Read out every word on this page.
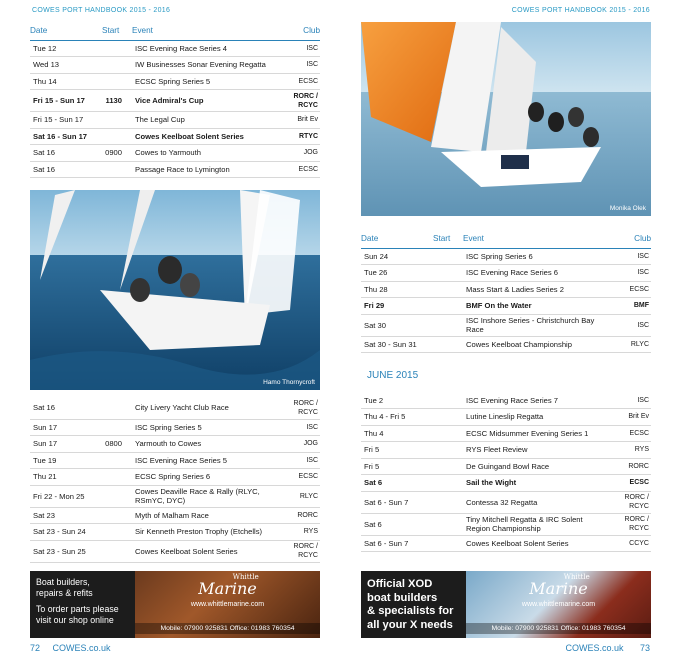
COWES PORT HANDBOOK 2015 - 2016	COWES PORT HANDBOOK 2015 - 2016
Date	Start	Event	Club
Tue 12		ISC Evening Race Series 4	ISC
Wed 13		IW Businesses Sonar Evening Regatta	ISC
Thu 14		ECSC Spring Series 5	ECSC
Fri 15 - Sun 17	1130	Vice Admiral's Cup	RORC / RCYC
Fri 15 - Sun 17		The Legal Cup	Brit Ev
Sat 16 - Sun 17		Cowes Keelboat Solent Series	RTYC
Sat 16	0900	Cowes to Yarmouth	JOG
Sat 16		Passage Race to Lymington	ECSC
Hamo Thornycroft
Sat 16		City Livery Yacht Club Race	RORC / RCYC
Sun 17		ISC Spring Series 5	ISC
Sun 17	0800	Yarmouth to Cowes	JOG
Tue 19		ISC Evening Race Series 5	ISC
Thu 21		ECSC Spring Series 6	ECSC
Fri 22 - Mon 25		Cowes Deaville Race & Rally (RLYC, RSmYC, DYC)	RLYC
Sat 23		Myth of Malham Race	RORC
Sat 23 - Sun 24		Sir Kenneth Preston Trophy (Etchells)	RYS
Sat 23 - Sun 25		Cowes Keelboat Solent Series	RORC / RCYC
Boat builders,
repairs & refits
To order parts please
visit our shop online
Whittle
Marine
www.whittlemarine.com
Mobile: 07900 925831 Office: 01983 760354
72 COWES.co.uk
Monika Olek
Date	Start	Event	Club
Sun 24		ISC Spring Series 6	ISC
Tue 26		ISC Evening Race Series 6	ISC
Thu 28		Mass Start & Ladies Series 2	ECSC
Fri 29		BMF On the Water	BMF
Sat 30		ISC Inshore Series - Christchurch Bay Race	ISC
Sat 30 - Sun 31		Cowes Keelboat Championship	RLYC
JUNE 2015
Tue 2		ISC Evening Race Series 7	ISC
Thu 4 - Fri 5		Lutine Lineslip Regatta	Brit Ev
Thu 4		ECSC Midsummer Evening Series 1	ECSC
Fri 5		RYS Fleet Review	RYS
Fri 5		De Guingand Bowl Race	RORC
Sat 6		Sail the Wight	ECSC
Sat 6 - Sun 7		Contessa 32 Regatta	RORC / RCYC
Sat 6		Tiny Mitchell Regatta & IRC Solent Region Championship	RORC / RCYC
Sat 6 - Sun 7		Cowes Keelboat Solent Series	CCYC
Official XOD
boat builders
& specialists for
all your X needs
Whittle
Marine
www.whittlemarine.com
Mobile: 07900 925831 Office: 01983 760354
COWES.co.uk 73
